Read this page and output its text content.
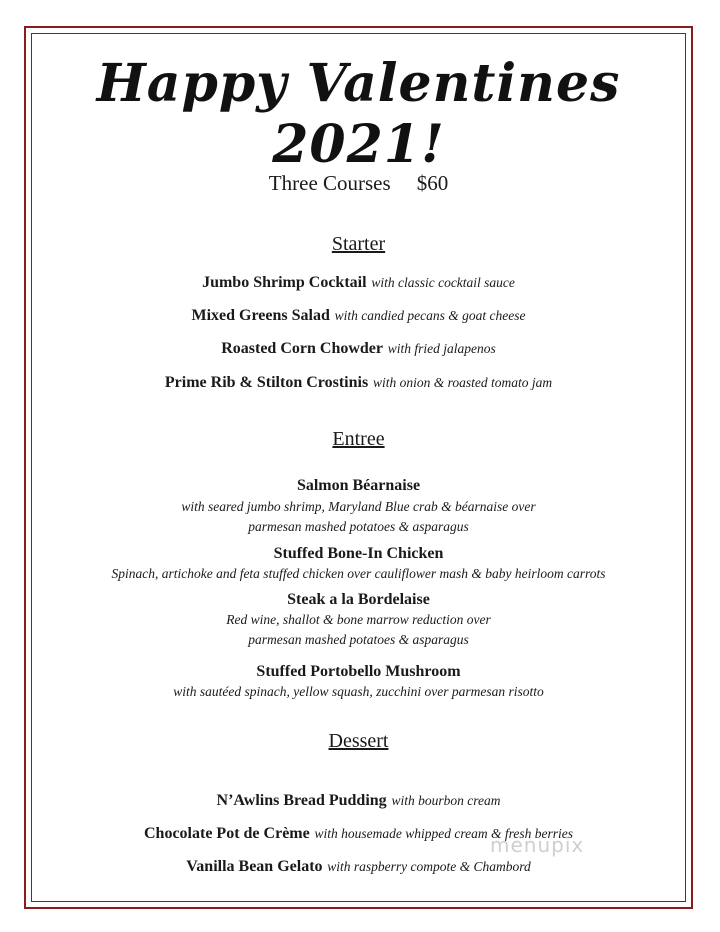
Happy Valentines 2021!
Three Courses $60
Starter
Jumbo Shrimp Cocktail with classic cocktail sauce
Mixed Greens Salad with candied pecans & goat cheese
Roasted Corn Chowder with fried jalapenos
Prime Rib & Stilton Crostinis with onion & roasted tomato jam
Entree
Salmon Béarnaise
with seared jumbo shrimp, Maryland Blue crab & béarnaise over
parmesan mashed potatoes & asparagus
Stuffed Bone-In Chicken
Spinach, artichoke and feta stuffed chicken over cauliflower mash & baby heirloom carrots
Steak a la Bordelaise
Red wine, shallot & bone marrow reduction over
parmesan mashed potatoes & asparagus
Stuffed Portobello Mushroom
with sautéed spinach, yellow squash, zucchini over parmesan risotto
Dessert
N’Awlins Bread Pudding with bourbon cream
Chocolate Pot de Crème with housemade whipped cream & fresh berries
Vanilla Bean Gelato with raspberry compote & Chambord
menupix
